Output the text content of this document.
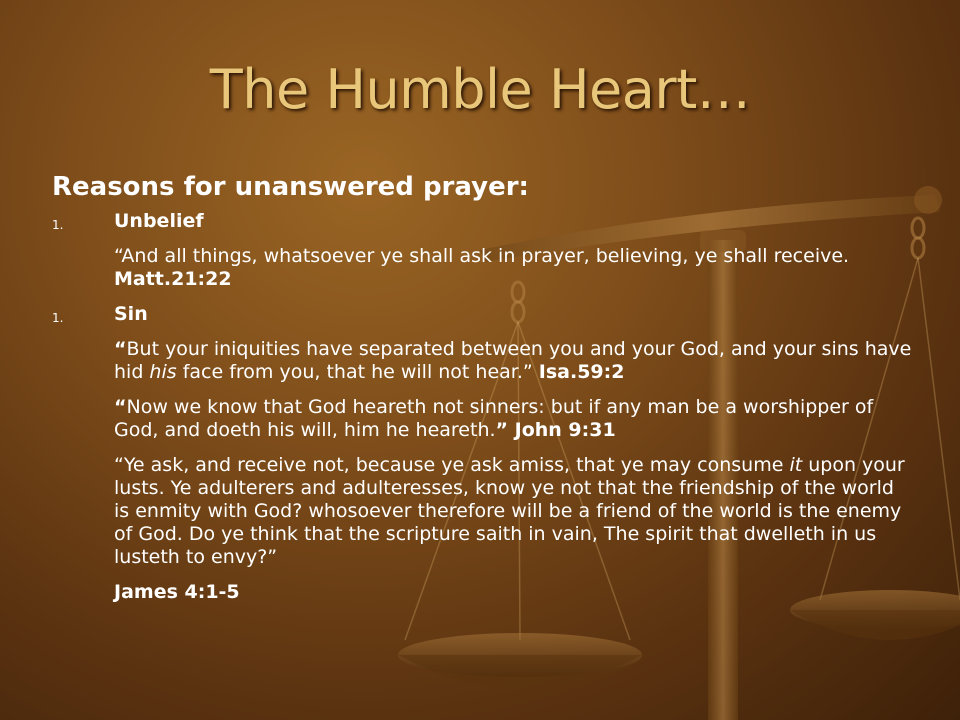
The Humble Heart…
Reasons for unanswered prayer:
1.	Unbelief
“And all things, whatsoever ye shall ask in prayer, believing, ye shall receive. Matt.21:22
1.	Sin
“But your iniquities have separated between you and your God, and your sins have hid his face from you, that he will not hear.” Isa.59:2
“Now we know that God heareth not sinners: but if any man be a worshipper of God, and doeth his will, him he heareth.” John 9:31
“Ye ask, and receive not, because ye ask amiss, that ye may consume it upon your lusts. Ye adulterers and adulteresses, know ye not that the friendship of the world is enmity with God? whosoever therefore will be a friend of the world is the enemy of God. Do ye think that the scripture saith in vain, The spirit that dwelleth in us lusteth to envy?”
James 4:1-5
